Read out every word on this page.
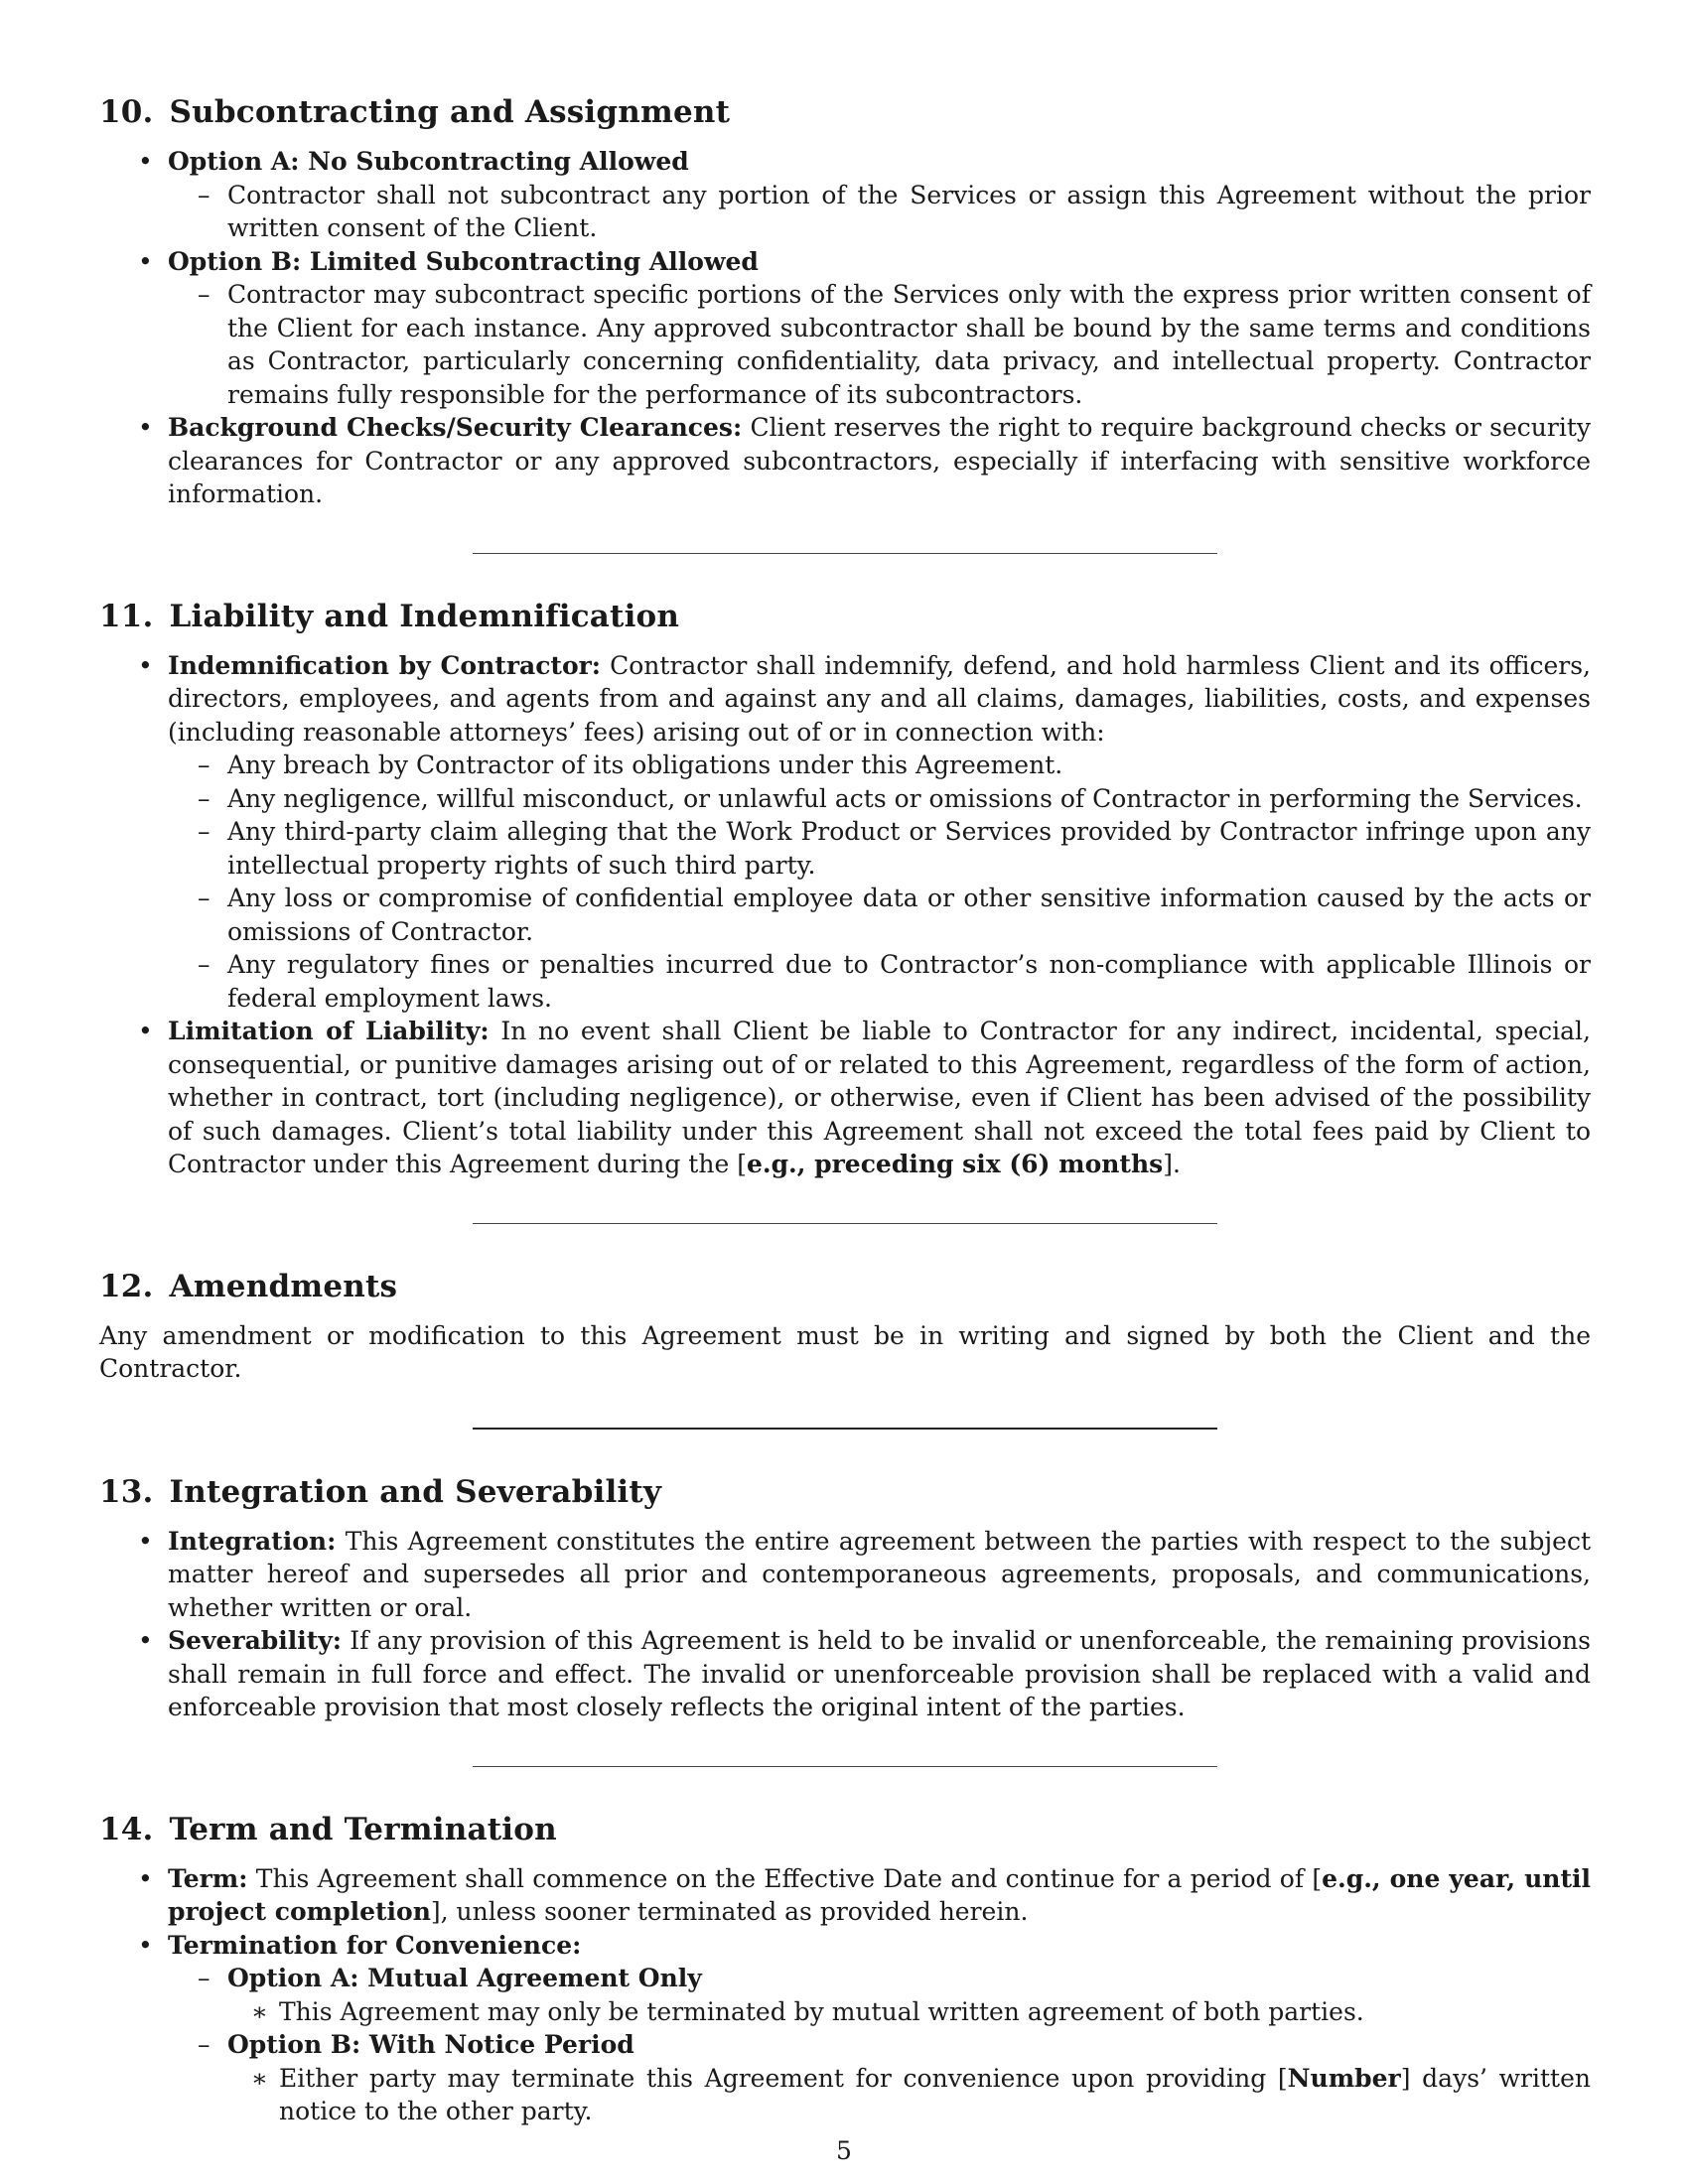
10. Subcontracting and Assignment
• Option A: No Subcontracting Allowed
– Contractor shall not subcontract any portion of the Services or assign this Agreement without the prior written consent of the Client.
• Option B: Limited Subcontracting Allowed
– Contractor may subcontract specific portions of the Services only with the express prior written consent of the Client for each instance. Any approved subcontractor shall be bound by the same terms and conditions as Contractor, particularly concerning confidentiality, data privacy, and intellectual property. Contractor remains fully responsible for the performance of its subcontractors.
• Background Checks/Security Clearances: Client reserves the right to require background checks or security clearances for Contractor or any approved subcontractors, especially if interfacing with sensitive workforce information.
11. Liability and Indemnification
• Indemnification by Contractor: Contractor shall indemnify, defend, and hold harmless Client and its officers, directors, employees, and agents from and against any and all claims, damages, liabilities, costs, and expenses (including reasonable attorneys’ fees) arising out of or in connection with:
– Any breach by Contractor of its obligations under this Agreement.
– Any negligence, willful misconduct, or unlawful acts or omissions of Contractor in performing the Services.
– Any third-party claim alleging that the Work Product or Services provided by Contractor infringe upon any intellectual property rights of such third party.
– Any loss or compromise of confidential employee data or other sensitive information caused by the acts or omissions of Contractor.
– Any regulatory fines or penalties incurred due to Contractor’s non-compliance with applicable Illinois or federal employment laws.
• Limitation of Liability: In no event shall Client be liable to Contractor for any indirect, incidental, special, consequential, or punitive damages arising out of or related to this Agreement, regardless of the form of action, whether in contract, tort (including negligence), or otherwise, even if Client has been advised of the possibility of such damages. Client’s total liability under this Agreement shall not exceed the total fees paid by Client to Contractor under this Agreement during the [e.g., preceding six (6) months].
12. Amendments

Any amendment or modification to this Agreement must be in writing and signed by both the Client and the Contractor.

13. Integration and Severability
• Integration: This Agreement constitutes the entire agreement between the parties with respect to the subject matter hereof and supersedes all prior and contemporaneous agreements, proposals, and communications, whether written or oral.
• Severability: If any provision of this Agreement is held to be invalid or unenforceable, the remaining provisions shall remain in full force and effect. The invalid or unenforceable provision shall be replaced with a valid and enforceable provision that most closely reflects the original intent of the parties.
14. Term and Termination
• Term: This Agreement shall commence on the Effective Date and continue for a period of [e.g., one year, until project completion], unless sooner terminated as provided herein.
• Termination for Convenience:
– Option A: Mutual Agreement Only
∗ This Agreement may only be terminated by mutual written agreement of both parties.
– Option B: With Notice Period
∗ Either party may terminate this Agreement for convenience upon providing [Number] days’ written notice to the other party.
5
